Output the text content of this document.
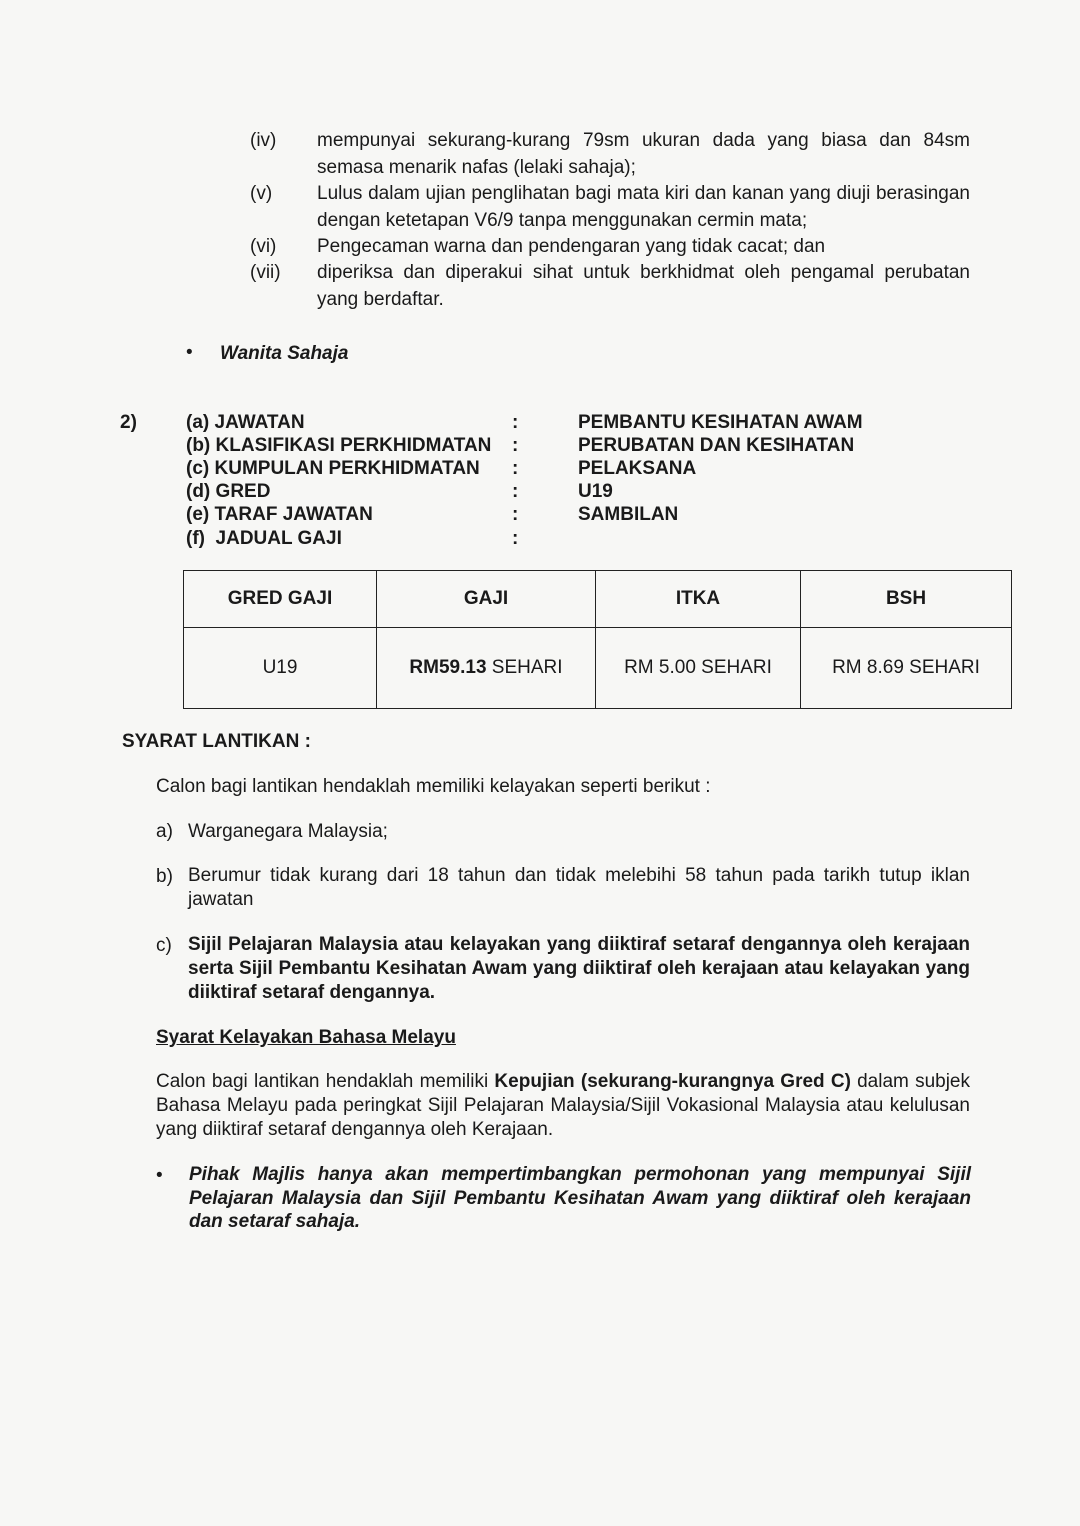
(iv) mempunyai sekurang-kurang 79sm ukuran dada yang biasa dan 84sm semasa menarik nafas (lelaki sahaja);
(v) Lulus dalam ujian penglihatan bagi mata kiri dan kanan yang diuji berasingan dengan ketetapan V6/9 tanpa menggunakan cermin mata;
(vi) Pengecaman warna dan pendengaran yang tidak cacat; dan
(vii) diperiksa dan diperakui sihat untuk berkhidmat oleh pengamal perubatan yang berdaftar.
• Wanita Sahaja
2)	(a) JAWATAN	:	PEMBANTU KESIHATAN AWAM
(b) KLASIFIKASI PERKHIDMATAN :	PERUBATAN DAN KESIHATAN
(c) KUMPULAN PERKHIDMATAN :	PELAKSANA
(d) GRED	:	U19
(e) TARAF JAWATAN	:	SAMBILAN
(f)  JADUAL GAJI	:
GRED GAJI	GAJI	ITKA	BSH
U19	RM59.13 SEHARI	RM 5.00 SEHARI	RM 8.69 SEHARI
SYARAT LANTIKAN :
Calon bagi lantikan hendaklah memiliki kelayakan seperti berikut :
a) Warganegara Malaysia;
b) Berumur tidak kurang dari 18 tahun dan tidak melebihi 58 tahun pada tarikh tutup iklan jawatan
c) Sijil Pelajaran Malaysia atau kelayakan yang diiktiraf setaraf dengannya oleh kerajaan serta Sijil Pembantu Kesihatan Awam yang diiktiraf oleh kerajaan atau kelayakan yang diiktiraf setaraf dengannya.
Syarat Kelayakan Bahasa Melayu
Calon bagi lantikan hendaklah memiliki Kepujian (sekurang-kurangnya Gred C) dalam subjek Bahasa Melayu pada peringkat Sijil Pelajaran Malaysia/Sijil Vokasional Malaysia atau kelulusan yang diiktiraf setaraf dengannya oleh Kerajaan.
• Pihak Majlis hanya akan mempertimbangkan permohonan yang mempunyai Sijil Pelajaran Malaysia dan Sijil Pembantu Kesihatan Awam yang diiktiraf oleh kerajaan dan setaraf sahaja.
